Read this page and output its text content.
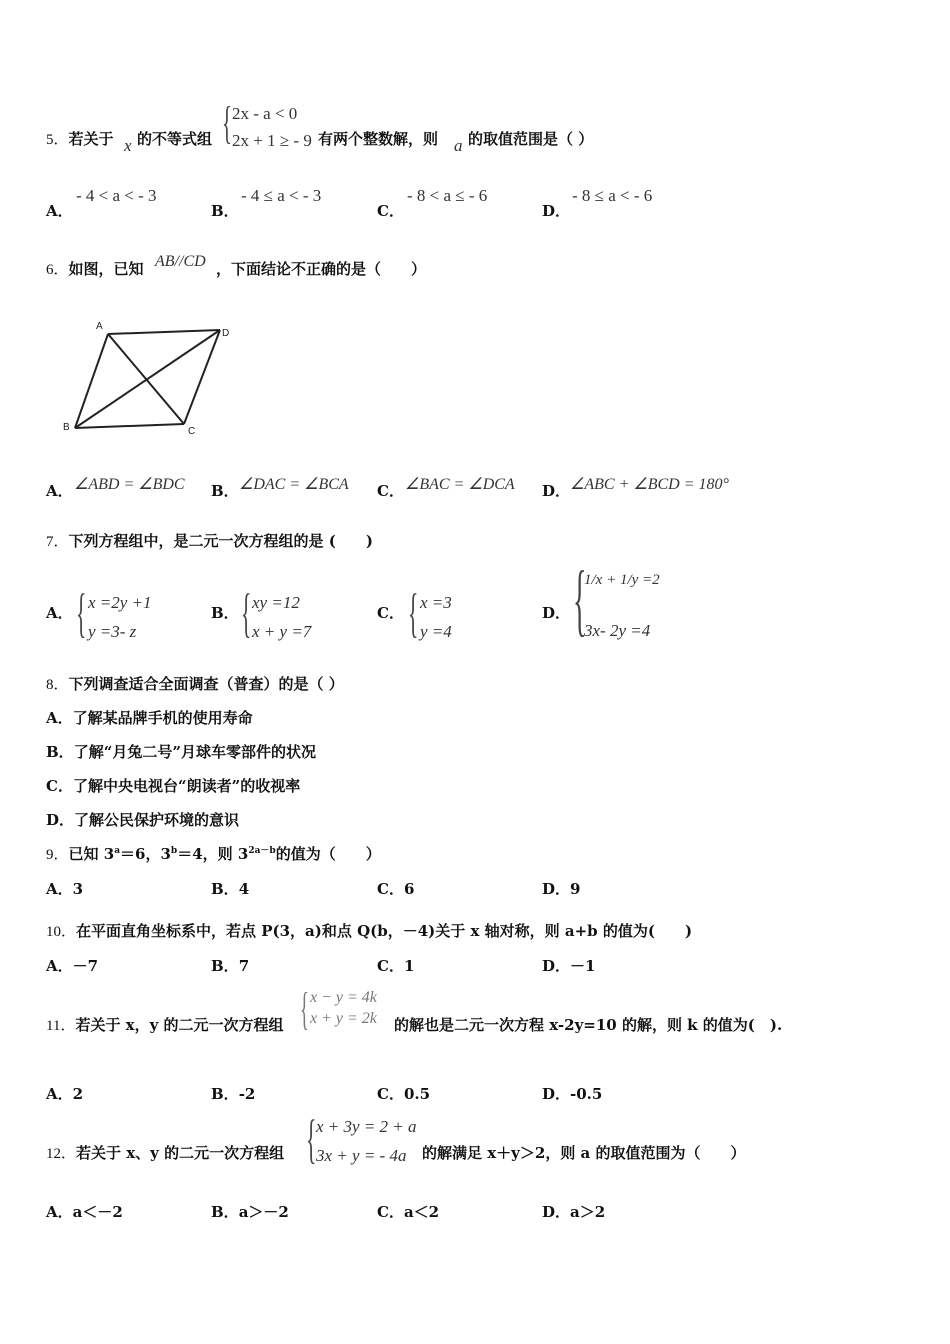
5．若关于 x 的不等式组 { 2x - a < 0
2x + 1 ≥ - 9 有两个整数解，则 a 的取值范围是（ ）
A．
- 4 < a < - 3
B．
- 4 ≤ a < - 3
C．
- 8 < a ≤ - 6
D．
- 8 ≤ a < - 6
6．如图，已知 AB//CD ，下面结论不正确的是（　　）
A
D
B	C
A． ∠ABD = ∠BDC B． ∠DAC = ∠BCA C． ∠BAC = ∠DCA D． ∠ABC + ∠BCD = 180°
7．下列方程组中，是二元一次方程组的是 (　　)
A． { x =2y +1
y =3- z
B． { xy =12
x + y =7
C． { x =3
y =4
D． {
1/x + 1/y =2
3x- 2y =4
8．下列调查适合全面调查（普查）的是（ ）
A．了解某品牌手机的使用寿命
B．了解“月兔二号”月球车零部件的状况
C．了解中央电视台“朗读者”的收视率
D．了解公民保护环境的意识
9．已知 $3^a=6$，$3^b=4$，则 $3^{2a-b}$的值为（　　）
A．3	B．4	C．6	D．9
10．在平面直角坐标系中，若点 P(3，a)和点 Q(b，－4)关于 x 轴对称，则 a+b 的值为(　　)
A．－7	B．7	C．1	D．－1
11．若关于 x，y 的二元一次方程组 { x − y = 4k
x + y = 2k 的解也是二元一次方程 x-2y=10 的解，则 k 的值为(　).
A．2	B．-2	C．0.5	D．-0.5
12．若关于 x、y 的二元一次方程组 { x + 3y = 2 + a
3x + y = - 4a 的解满足 x＋y＞2，则 a 的取值范围为（　　）
A．a＜－2	B．a＞－2	C．a＜2	D．a＞2
